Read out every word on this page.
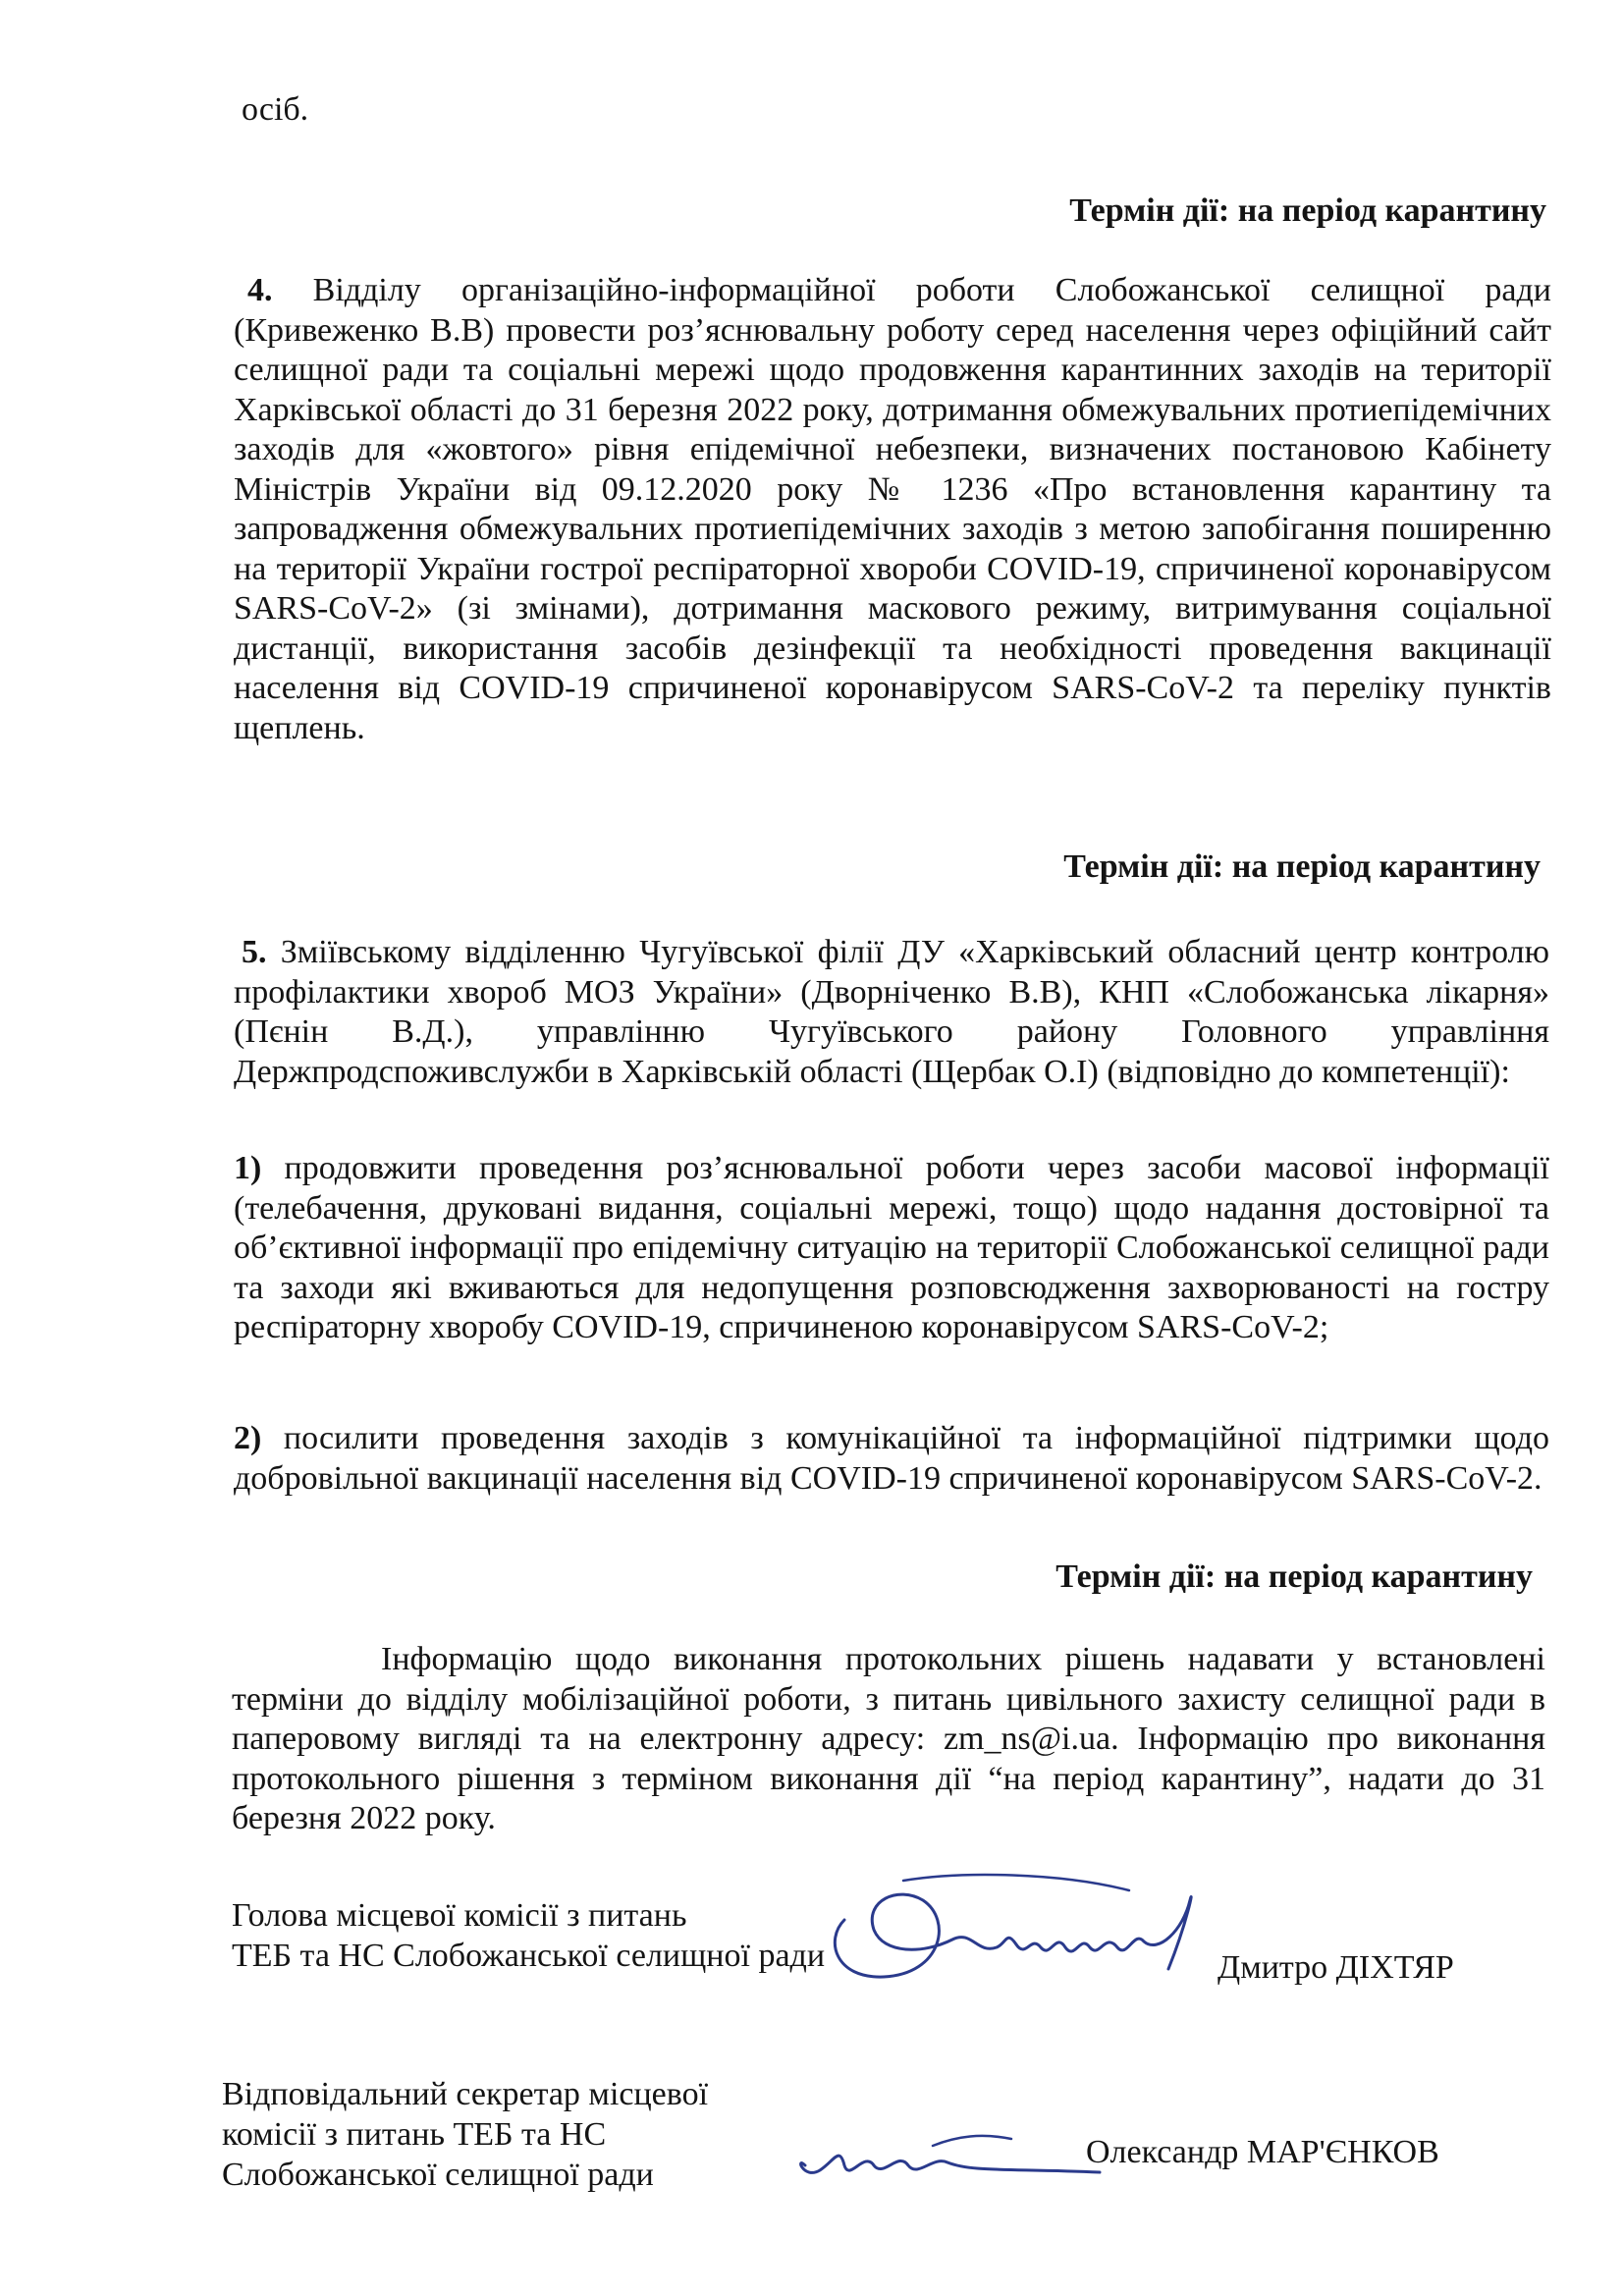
осіб.

Термін дії: на період карантину

4. Відділу організаційно-інформаційної роботи Слобожанської селищної ради (Кривеженко В.В) провести роз’яснювальну роботу серед населення через офіційний сайт селищної ради та соціальні мережі щодо продовження карантинних заходів на території Харківської області до 31 березня 2022 року, дотримання обмежувальних протиепідемічних заходів для «жовтого» рівня епідемічної небезпеки, визначених постановою Кабінету Міністрів України від 09.12.2020 року № 1236 «Про встановлення карантину та запровадження обмежувальних протиепідемічних заходів з метою запобігання поширенню на території України гострої респіраторної хвороби COVID-19, спричиненої коронавірусом SARS-CoV-2» (зі змінами), дотримання маскового режиму, витримування соціальної дистанції, використання засобів дезінфекції та необхідності проведення вакцинації населення від COVID-19 спричиненої коронавірусом SARS-CoV-2 та переліку пунктів щеплень.

Термін дії: на період карантину

5. Зміївському відділенню Чугуївської філії ДУ «Харківський обласний центр контролю профілактики хвороб МОЗ України» (Дворніченко В.В), КНП «Слобожанська лікарня» (Пєнін В.Д.), управлінню Чугуївського району Головного управління Держпродспоживслужби в Харківській області (Щербак О.І) (відповідно до компетенції):

1) продовжити проведення роз’яснювальної роботи через засоби масової інформації (телебачення, друковані видання, соціальні мережі, тощо) щодо надання достовірної та об’єктивної інформації про епідемічну ситуацію на території Слобожанської селищної ради та заходи які вживаються для недопущення розповсюдження захворюваності на гостру респіраторну хворобу COVID-19, спричиненою коронавірусом SARS-CoV-2;

2) посилити проведення заходів з комунікаційної та інформаційної підтримки щодо добровільної вакцинації населення від COVID-19 спричиненої коронавірусом SARS-CoV-2.

Термін дії: на період карантину

Інформацію щодо виконання протокольних рішень надавати у встановлені терміни до відділу мобілізаційної роботи, з питань цивільного захисту селищної ради в паперовому вигляді та на електронну адресу: zm_ns@i.ua. Інформацію про виконання протокольного рішення з терміном виконання дії “на період карантину”, надати до 31 березня 2022 року.

Голова місцевої комісії з питань
ТЕБ та НС Слобожанської селищної ради	Дмитро ДІХТЯР

Відповідальний секретар місцевої
комісії з питань ТЕБ та НС
Слобожанської селищної ради

Олександр МАР'ЄНКОВ
